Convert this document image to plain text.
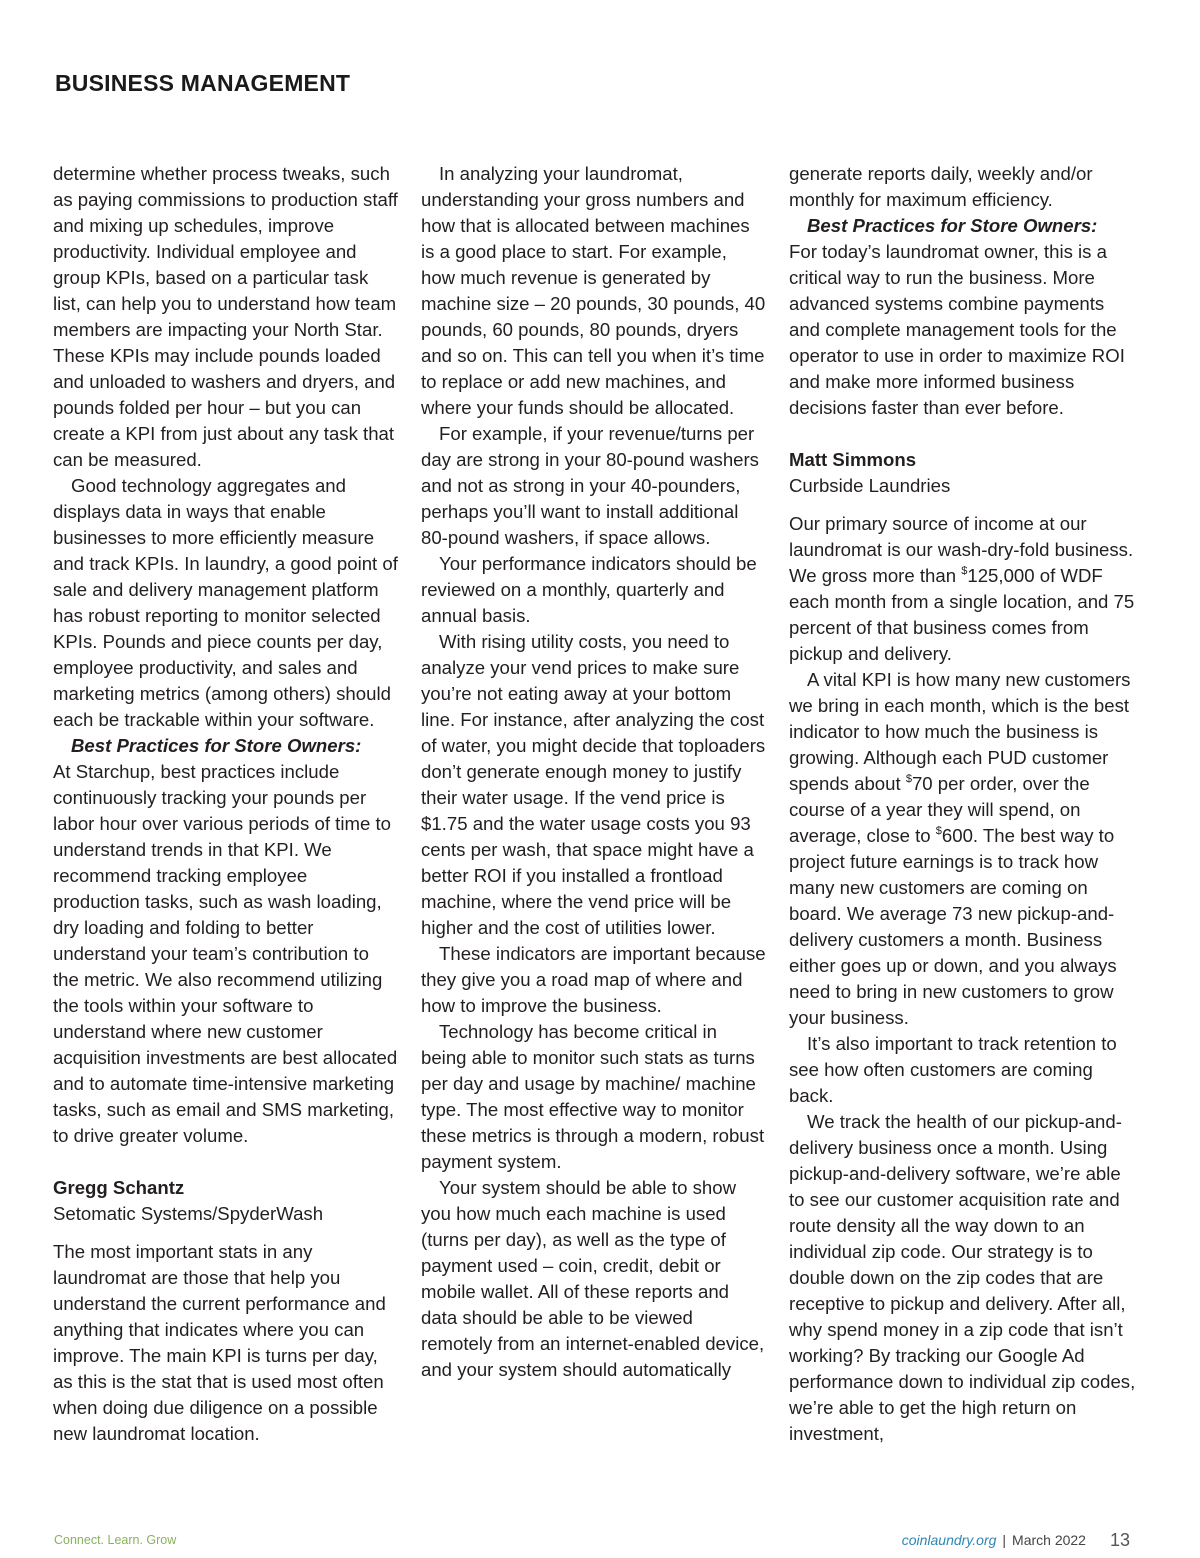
BUSINESS MANAGEMENT

determine whether process tweaks, such as paying commissions to production staff and mixing up schedules, improve productivity. Individual employee and group KPIs, based on a particular task list, can help you to understand how team members are impacting your North Star. These KPIs may include pounds loaded and unloaded to washers and dryers, and pounds folded per hour – but you can create a KPI from just about any task that can be measured.

Good technology aggregates and displays data in ways that enable businesses to more efficiently measure and track KPIs. In laundry, a good point of sale and delivery management platform has robust reporting to monitor selected KPIs. Pounds and piece counts per day, employee productivity, and sales and marketing metrics (among others) should each be trackable within your software.

Best Practices for Store Owners:

At Starchup, best practices include continuously tracking your pounds per labor hour over various periods of time to understand trends in that KPI. We recommend tracking employee production tasks, such as wash loading, dry loading and folding to better understand your team’s contribution to the metric. We also recommend utilizing the tools within your software to understand where new customer acquisition investments are best allocated and to automate time-intensive marketing tasks, such as email and SMS marketing, to drive greater volume.

Gregg Schantz

Setomatic Systems/SpyderWash

The most important stats in any laundromat are those that help you understand the current performance and anything that indicates where you can improve. The main KPI is turns per day, as this is the stat that is used most often when doing due diligence on a possible new laundromat location.

In analyzing your laundromat, understanding your gross numbers and how that is allocated between machines is a good place to start. For example, how much revenue is generated by machine size – 20 pounds, 30 pounds, 40 pounds, 60 pounds, 80 pounds, dryers and so on. This can tell you when it’s time to replace or add new machines, and where your funds should be allocated.

For example, if your revenue/turns per day are strong in your 80-pound washers and not as strong in your 40-pounders, perhaps you’ll want to install additional 80-pound washers, if space allows.

Your performance indicators should be reviewed on a monthly, quarterly and annual basis.

With rising utility costs, you need to analyze your vend prices to make sure you’re not eating away at your bottom line. For instance, after analyzing the cost of water, you might decide that toploaders don’t generate enough money to justify their water usage. If the vend price is $1.75 and the water usage costs you 93 cents per wash, that space might have a better ROI if you installed a frontload machine, where the vend price will be higher and the cost of utilities lower.

These indicators are important because they give you a road map of where and how to improve the business.

Technology has become critical in being able to monitor such stats as turns per day and usage by machine/ machine type. The most effective way to monitor these metrics is through a modern, robust payment system.

Your system should be able to show you how much each machine is used (turns per day), as well as the type of payment used – coin, credit, debit or mobile wallet. All of these reports and data should be able to be viewed remotely from an internet-enabled device, and your system should automatically

generate reports daily, weekly and/or monthly for maximum efficiency.

Best Practices for Store Owners:

For today’s laundromat owner, this is a critical way to run the business. More advanced systems combine payments and complete management tools for the operator to use in order to maximize ROI and make more informed business decisions faster than ever before.

Matt Simmons

Curbside Laundries

Our primary source of income at our laundromat is our wash-dry-fold business. We gross more than $125,000 of WDF each month from a single location, and 75 percent of that business comes from pickup and delivery.

A vital KPI is how many new customers we bring in each month, which is the best indicator to how much the business is growing. Although each PUD customer spends about $70 per order, over the course of a year they will spend, on average, close to $600. The best way to project future earnings is to track how many new customers are coming on board. We average 73 new pickup-and-delivery customers a month. Business either goes up or down, and you always need to bring in new customers to grow your business.

It’s also important to track retention to see how often customers are coming back.

We track the health of our pickup-and-delivery business once a month. Using pickup-and-delivery software, we’re able to see our customer acquisition rate and route density all the way down to an individual zip code. Our strategy is to double down on the zip codes that are receptive to pickup and delivery. After all, why spend money in a zip code that isn’t working? By tracking our Google Ad performance down to individual zip codes, we’re able to get the high return on investment,

Connect. Learn. Grow	coinlaundry.org | March 2022 13
